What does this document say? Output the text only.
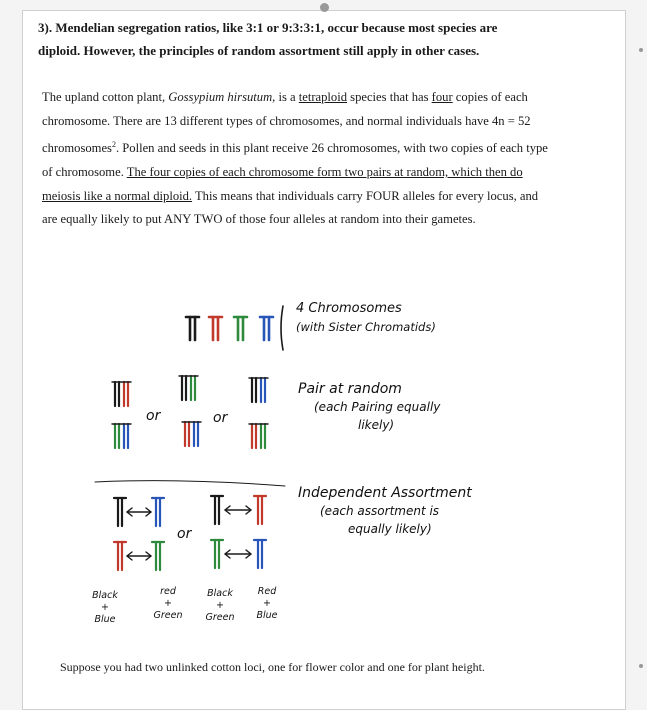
3). Mendelian segregation ratios, like 3:1 or 9:3:3:1, occur because most species are
diploid. However, the principles of random assortment still apply in other cases.
The upland cotton plant, Gossypium hirsutum, is a tetraploid species that has four copies of each chromosome. There are 13 different types of chromosomes, and normal individuals have 4n = 52 chromosomes$^2$. Pollen and seeds in this plant receive 26 chromosomes, with two copies of each type of chromosome. The four copies of each chromosome form two pairs at random, which then do meiosis like a normal diploid. This means that individuals carry FOUR alleles for every locus, and are equally likely to put ANY TWO of those four alleles at random into their gametes.
4 Chromosomes
(with Sister Chromatids)
Pair at random
(each Pairing equally
likely)
Independent Assortment
(each assortment is
equally likely)
or	or
or
Black
+
Blue
red
+
Green
Black
+
Green
Red
+
Blue
Suppose you had two unlinked cotton loci, one for flower color and one for plant height.
